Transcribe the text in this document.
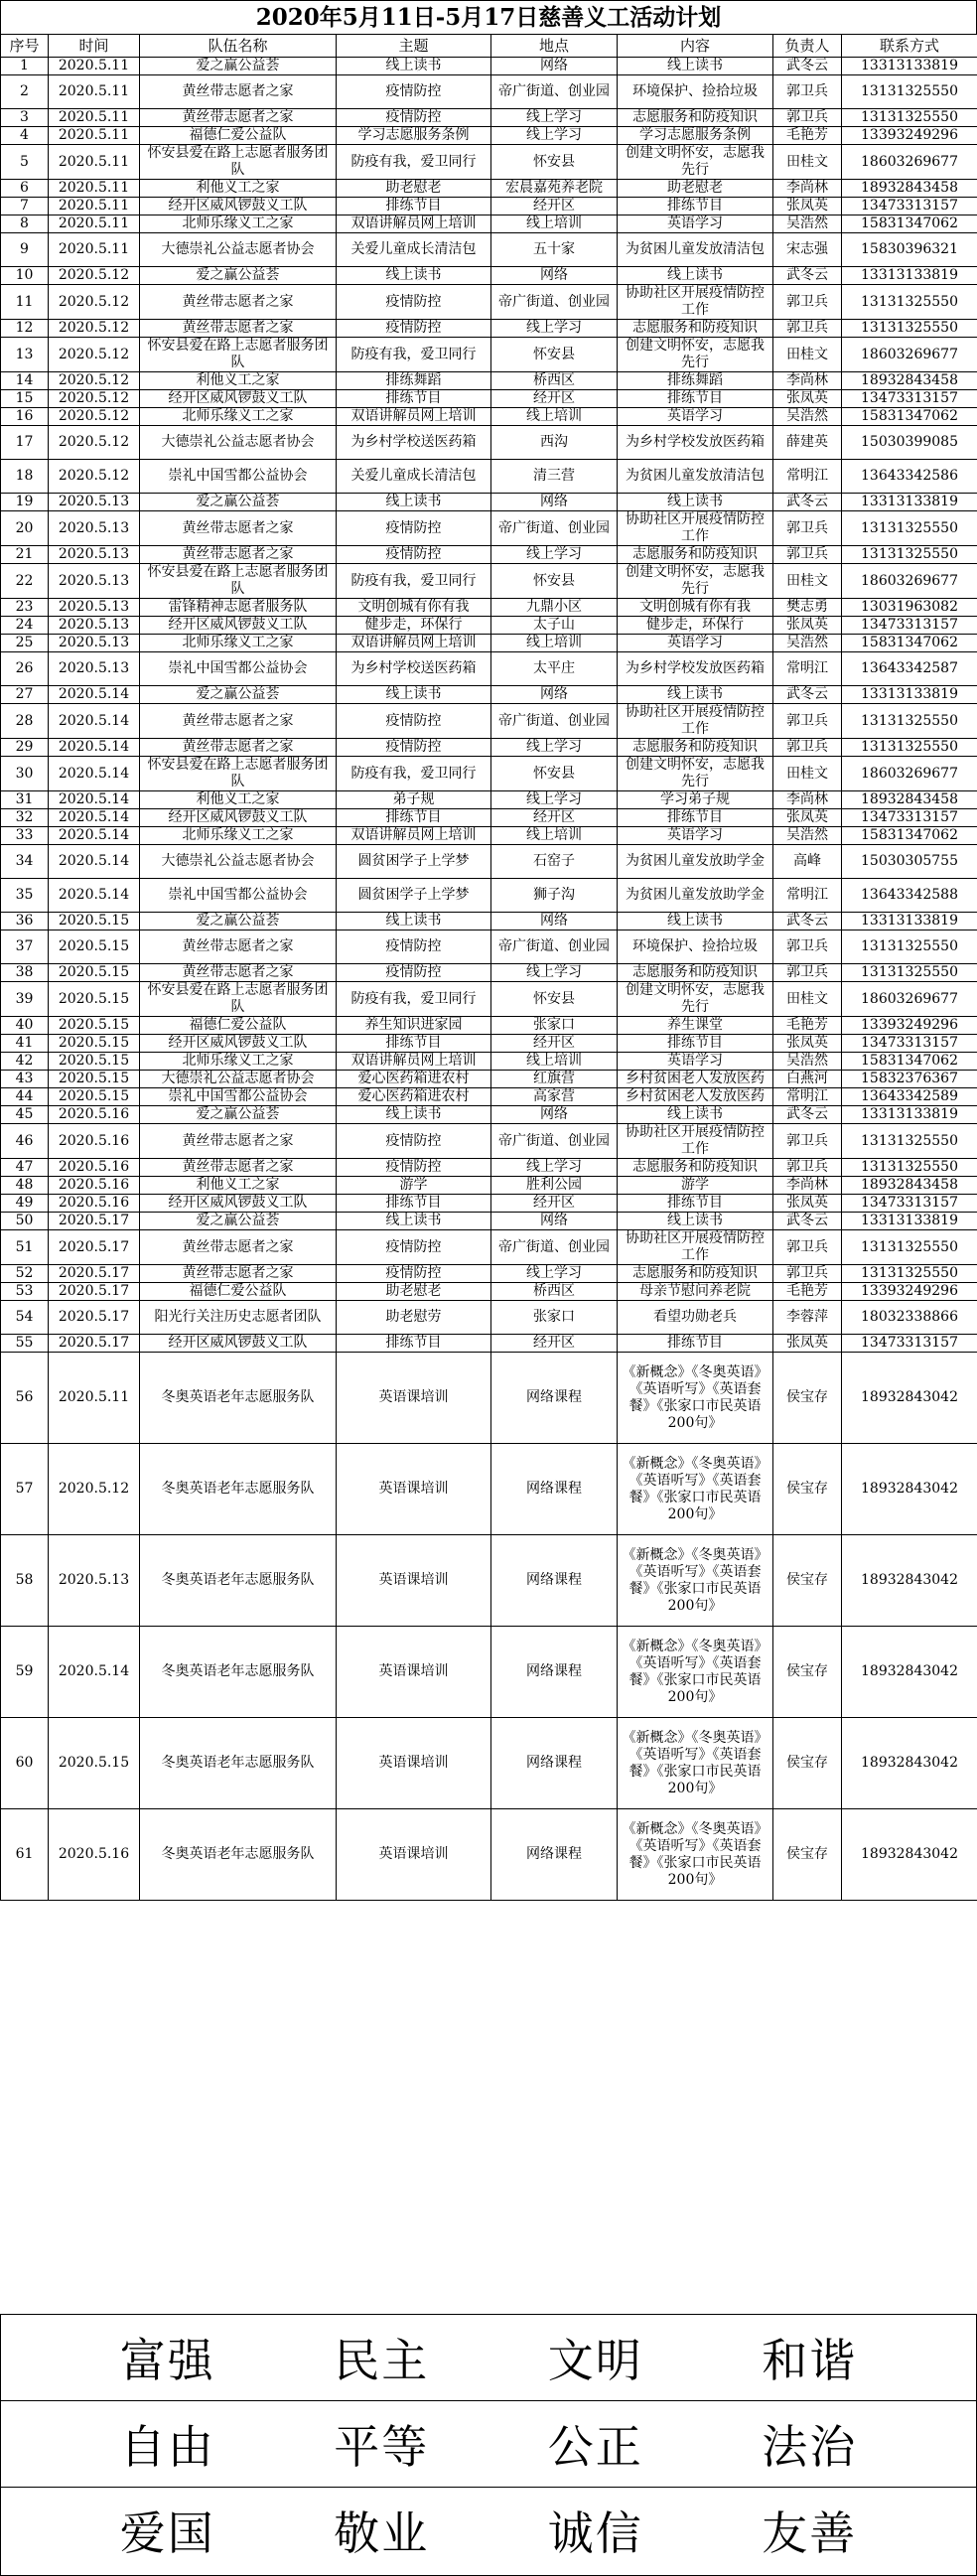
2020年5月11日-5月17日慈善义工活动计划
序号	时间	队伍名称	主题	地点	内容	负责人	联系方式
1	2020.5.11	爱之赢公益荟	线上读书	网络	线上读书	武冬云	13313133819
2	2020.5.11	黄丝带志愿者之家	疫情防控	帝广街道、创业园	环境保护、捡拾垃圾	郭卫兵	13131325550
3	2020.5.11	黄丝带志愿者之家	疫情防控	线上学习	志愿服务和防疫知识	郭卫兵	13131325550
4	2020.5.11	福德仁爱公益队	学习志愿服务条例	线上学习	学习志愿服务条例	毛艳芳	13393249296
5	2020.5.11	怀安县爱在路上志愿者服务团队	防疫有我，爱卫同行	怀安县	创建文明怀安，志愿我先行	田桂文	18603269677
6	2020.5.11	利他义工之家	助老慰老	宏晨嘉苑养老院	助老慰老	李尚林	18932843458
7	2020.5.11	经开区威风锣鼓义工队	排练节目	经开区	排练节目	张凤英	13473313157
8	2020.5.11	北师乐缘义工之家	双语讲解员网上培训	线上培训	英语学习	吴浩然	15831347062
9	2020.5.11	大德崇礼公益志愿者协会	关爱儿童成长清洁包	五十家	为贫困儿童发放清洁包	宋志强	15830396321
10	2020.5.12	爱之赢公益荟	线上读书	网络	线上读书	武冬云	13313133819
11	2020.5.12	黄丝带志愿者之家	疫情防控	帝广街道、创业园	协助社区开展疫情防控工作	郭卫兵	13131325550
12	2020.5.12	黄丝带志愿者之家	疫情防控	线上学习	志愿服务和防疫知识	郭卫兵	13131325550
13	2020.5.12	怀安县爱在路上志愿者服务团队	防疫有我，爱卫同行	怀安县	创建文明怀安，志愿我先行	田桂文	18603269677
14	2020.5.12	利他义工之家	排练舞蹈	桥西区	排练舞蹈	李尚林	18932843458
15	2020.5.12	经开区威风锣鼓义工队	排练节目	经开区	排练节目	张凤英	13473313157
16	2020.5.12	北师乐缘义工之家	双语讲解员网上培训	线上培训	英语学习	吴浩然	15831347062
17	2020.5.12	大德崇礼公益志愿者协会	为乡村学校送医药箱	西沟	为乡村学校发放医药箱	薛建英	15030399085
18	2020.5.12	崇礼中国雪都公益协会	关爱儿童成长清洁包	清三营	为贫困儿童发放清洁包	常明江	13643342586
19	2020.5.13	爱之赢公益荟	线上读书	网络	线上读书	武冬云	13313133819
20	2020.5.13	黄丝带志愿者之家	疫情防控	帝广街道、创业园	协助社区开展疫情防控工作	郭卫兵	13131325550
21	2020.5.13	黄丝带志愿者之家	疫情防控	线上学习	志愿服务和防疫知识	郭卫兵	13131325550
22	2020.5.13	怀安县爱在路上志愿者服务团队	防疫有我，爱卫同行	怀安县	创建文明怀安，志愿我先行	田桂文	18603269677
23	2020.5.13	雷锋精神志愿者服务队	文明创城有你有我	九鼎小区	文明创城有你有我	樊志勇	13031963082
24	2020.5.13	经开区威风锣鼓义工队	健步走，环保行	太子山	健步走，环保行	张凤英	13473313157
25	2020.5.13	北师乐缘义工之家	双语讲解员网上培训	线上培训	英语学习	吴浩然	15831347062
26	2020.5.13	崇礼中国雪都公益协会	为乡村学校送医药箱	太平庄	为乡村学校发放医药箱	常明江	13643342587
27	2020.5.14	爱之赢公益荟	线上读书	网络	线上读书	武冬云	13313133819
28	2020.5.14	黄丝带志愿者之家	疫情防控	帝广街道、创业园	协助社区开展疫情防控工作	郭卫兵	13131325550
29	2020.5.14	黄丝带志愿者之家	疫情防控	线上学习	志愿服务和防疫知识	郭卫兵	13131325550
30	2020.5.14	怀安县爱在路上志愿者服务团队	防疫有我，爱卫同行	怀安县	创建文明怀安，志愿我先行	田桂文	18603269677
31	2020.5.14	利他义工之家	弟子规	线上学习	学习弟子规	李尚林	18932843458
32	2020.5.14	经开区威风锣鼓义工队	排练节目	经开区	排练节目	张凤英	13473313157
33	2020.5.14	北师乐缘义工之家	双语讲解员网上培训	线上培训	英语学习	吴浩然	15831347062
34	2020.5.14	大德崇礼公益志愿者协会	圆贫困学子上学梦	石窑子	为贫困儿童发放助学金	高峰	15030305755
35	2020.5.14	崇礼中国雪都公益协会	圆贫困学子上学梦	狮子沟	为贫困儿童发放助学金	常明江	13643342588
36	2020.5.15	爱之赢公益荟	线上读书	网络	线上读书	武冬云	13313133819
37	2020.5.15	黄丝带志愿者之家	疫情防控	帝广街道、创业园	环境保护、捡拾垃圾	郭卫兵	13131325550
38	2020.5.15	黄丝带志愿者之家	疫情防控	线上学习	志愿服务和防疫知识	郭卫兵	13131325550
39	2020.5.15	怀安县爱在路上志愿者服务团队	防疫有我，爱卫同行	怀安县	创建文明怀安，志愿我先行	田桂文	18603269677
40	2020.5.15	福德仁爱公益队	养生知识进家园	张家口	养生课堂	毛艳芳	13393249296
41	2020.5.15	经开区威风锣鼓义工队	排练节目	经开区	排练节目	张凤英	13473313157
42	2020.5.15	北师乐缘义工之家	双语讲解员网上培训	线上培训	英语学习	吴浩然	15831347062
43	2020.5.15	大德崇礼公益志愿者协会	爱心医药箱进农村	红旗营	乡村贫困老人发放医药	白燕河	15832376367
44	2020.5.15	崇礼中国雪都公益协会	爱心医药箱进农村	高家营	乡村贫困老人发放医药	常明江	13643342589
45	2020.5.16	爱之赢公益荟	线上读书	网络	线上读书	武冬云	13313133819
46	2020.5.16	黄丝带志愿者之家	疫情防控	帝广街道、创业园	协助社区开展疫情防控工作	郭卫兵	13131325550
47	2020.5.16	黄丝带志愿者之家	疫情防控	线上学习	志愿服务和防疫知识	郭卫兵	13131325550
48	2020.5.16	利他义工之家	游学	胜利公园	游学	李尚林	18932843458
49	2020.5.16	经开区威风锣鼓义工队	排练节目	经开区	排练节目	张凤英	13473313157
50	2020.5.17	爱之赢公益荟	线上读书	网络	线上读书	武冬云	13313133819
51	2020.5.17	黄丝带志愿者之家	疫情防控	帝广街道、创业园	协助社区开展疫情防控工作	郭卫兵	13131325550
52	2020.5.17	黄丝带志愿者之家	疫情防控	线上学习	志愿服务和防疫知识	郭卫兵	13131325550
53	2020.5.17	福德仁爱公益队	助老慰老	桥西区	母亲节慰问养老院	毛艳芳	13393249296
54	2020.5.17	阳光行关注历史志愿者团队	助老慰劳	张家口	看望功勋老兵	李蓉萍	18032338866
55	2020.5.17	经开区威风锣鼓义工队	排练节目	经开区	排练节目	张凤英	13473313157
56	2020.5.11	冬奥英语老年志愿服务队	英语课培训	网络课程	《新概念》《冬奥英语》《英语听写》《英语套餐》《张家口市民英语200句》	侯宝存	18932843042
57	2020.5.12	冬奥英语老年志愿服务队	英语课培训	网络课程	《新概念》《冬奥英语》《英语听写》《英语套餐》《张家口市民英语200句》	侯宝存	18932843042
58	2020.5.13	冬奥英语老年志愿服务队	英语课培训	网络课程	《新概念》《冬奥英语》《英语听写》《英语套餐》《张家口市民英语200句》	侯宝存	18932843042
59	2020.5.14	冬奥英语老年志愿服务队	英语课培训	网络课程	《新概念》《冬奥英语》《英语听写》《英语套餐》《张家口市民英语200句》	侯宝存	18932843042
60	2020.5.15	冬奥英语老年志愿服务队	英语课培训	网络课程	《新概念》《冬奥英语》《英语听写》《英语套餐》《张家口市民英语200句》	侯宝存	18932843042
61	2020.5.16	冬奥英语老年志愿服务队	英语课培训	网络课程	《新概念》《冬奥英语》《英语听写》《英语套餐》《张家口市民英语200句》	侯宝存	18932843042
富强	民主	文明	和谐
自由	平等	公正	法治
爱国	敬业	诚信	友善
